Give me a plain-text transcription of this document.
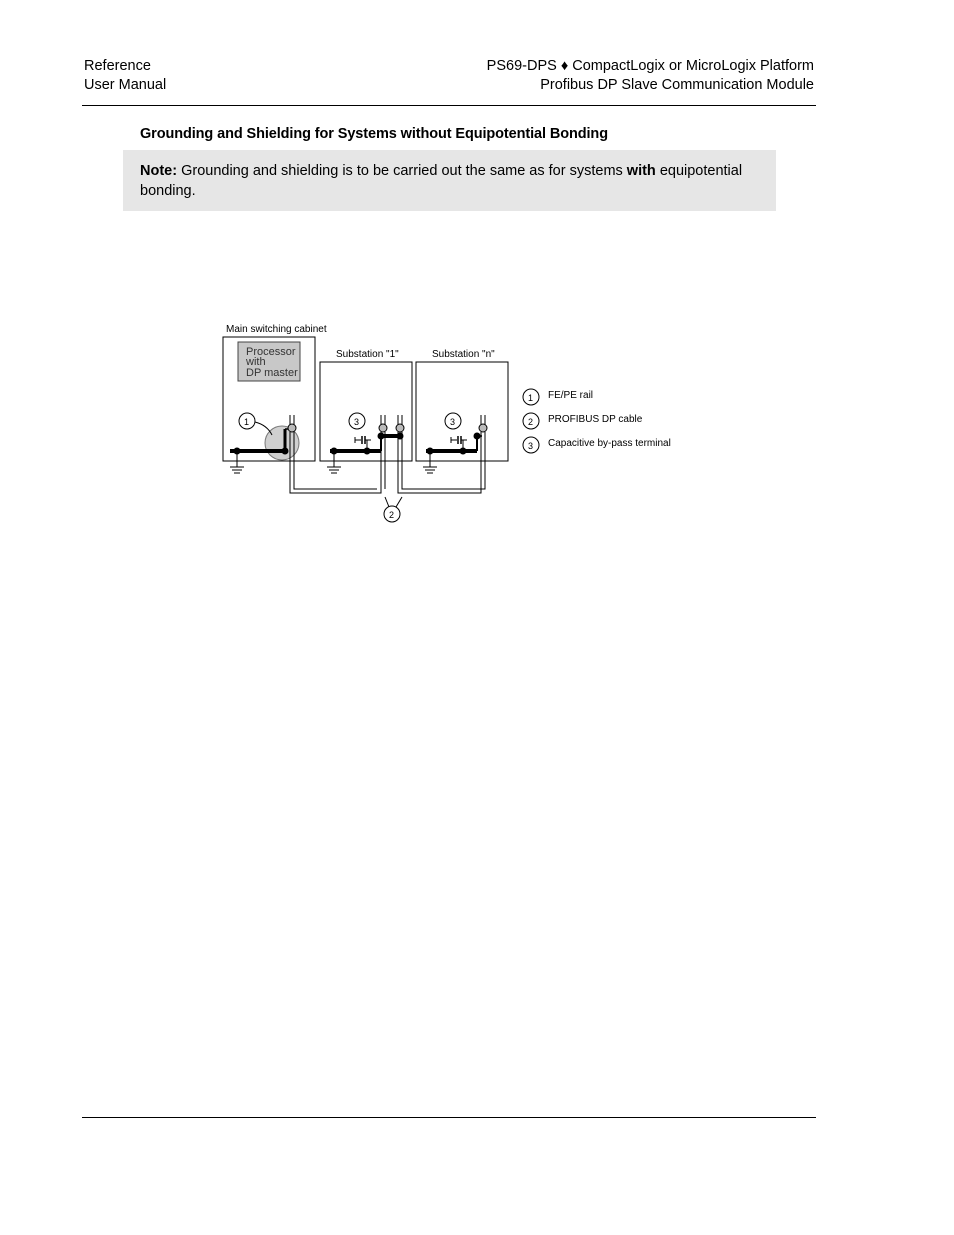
Reference
User Manual
PS69-DPS ♦ CompactLogix or MicroLogix Platform
Profibus DP Slave Communication Module
Grounding and Shielding for Systems without Equipotential Bonding
Note: Grounding and shielding is to be carried out the same as for systems with equipotential bonding.
Main switching cabinet
Processor
with
DP master
Substation "1"	Substation "n"
1	3	3
2
1 FE/PE rail
2 PROFIBUS DP cable
3 Capacitive by-pass terminal
